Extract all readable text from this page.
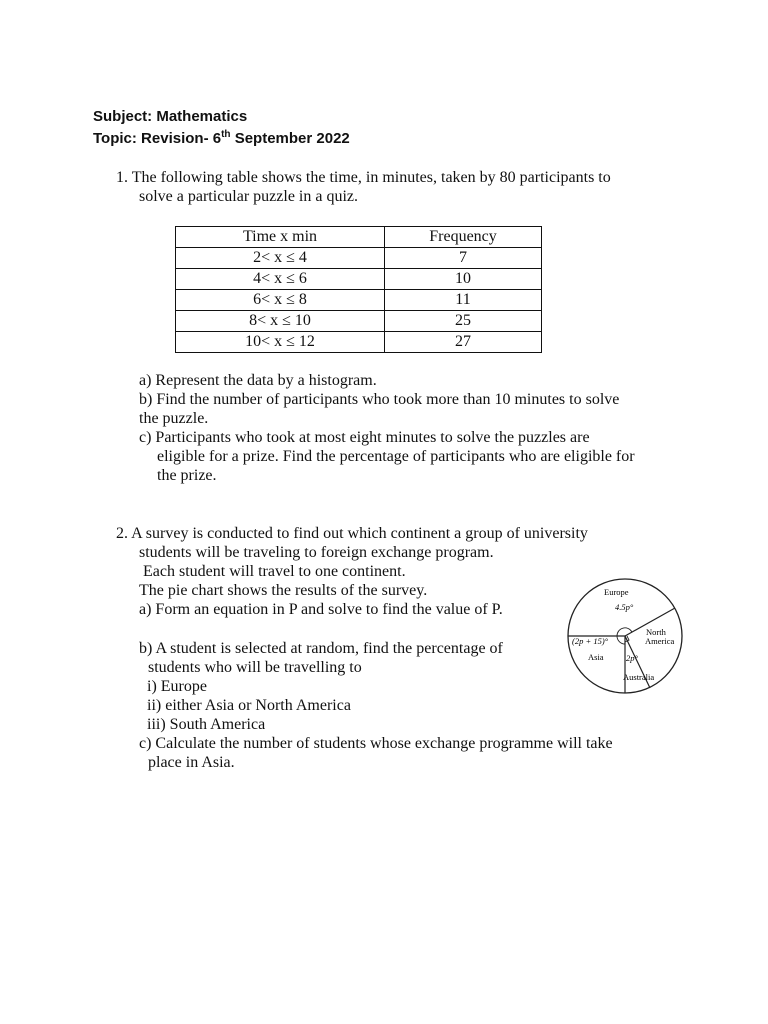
Subject: Mathematics
Topic: Revision- 6th September 2022
1. The following table shows the time, in minutes, taken by 80 participants to
solve a particular puzzle in a quiz.
Time x min	Frequency
2< x ≤ 4	7
4< x ≤ 6	10
6< x ≤ 8	11
8< x ≤ 10	25
10< x ≤ 12	27
a) Represent the data by a histogram.
b) Find the number of participants who took more than 10 minutes to solve
the puzzle.
c) Participants who took at most eight minutes to solve the puzzles are
eligible for a prize. Find the percentage of participants who are eligible for
the prize.
2. A survey is conducted to find out which continent a group of university
students will be traveling to foreign exchange program.
Each student will travel to one continent.
The pie chart shows the results of the survey.
a) Form an equation in P and solve to find the value of P.
b) A student is selected at random, find the percentage of
students who will be travelling to
i) Europe
ii) either Asia or North America
iii) South America
c) Calculate the number of students whose exchange programme will take
place in Asia.
Europe
4.5p°
North
America
(2p + 15)°
Asia	2p°
Australia
